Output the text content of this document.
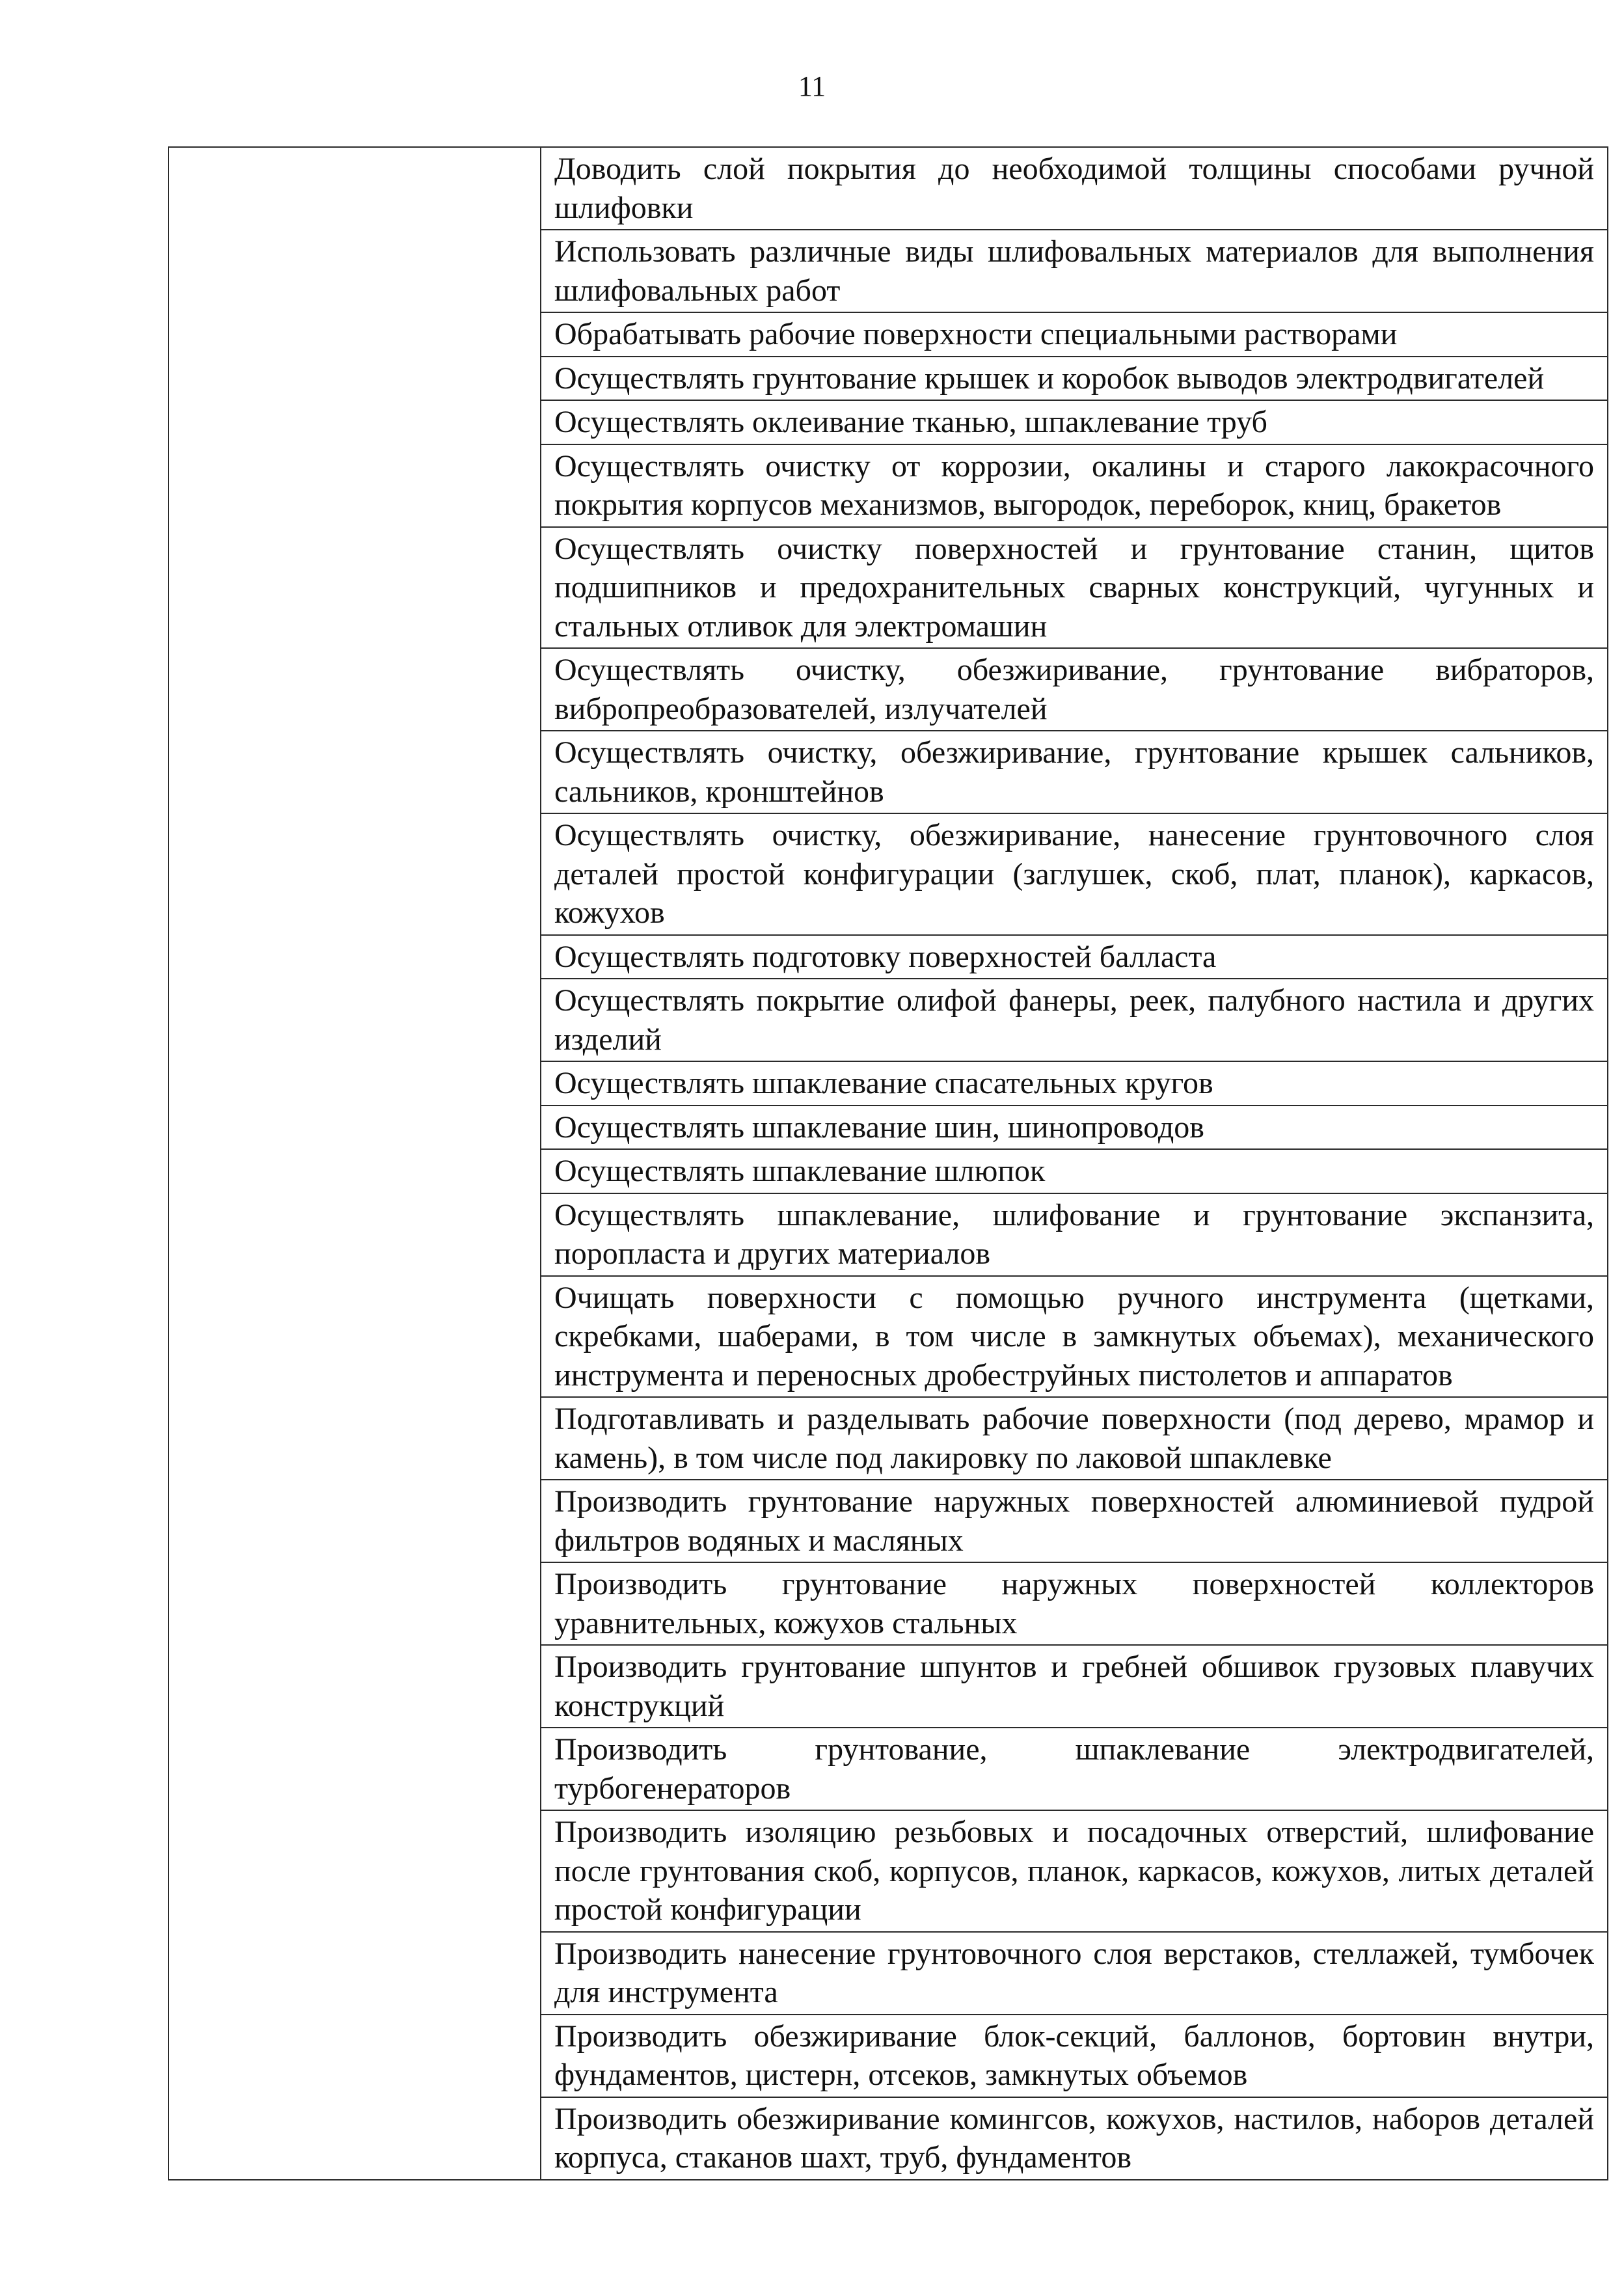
11

Доводить слой покрытия до необходимой толщины способами ручной шлифовки

Использовать различные виды шлифовальных материалов для выполнения шлифовальных работ

Обрабатывать рабочие поверхности специальными растворами

Осуществлять грунтование крышек и коробок выводов электродвигателей

Осуществлять оклеивание тканью, шпаклевание труб

Осуществлять очистку от коррозии, окалины и старого лакокрасочного покрытия корпусов механизмов, выгородок, переборок, книц, бракетов

Осуществлять очистку поверхностей и грунтование станин, щитов подшипников и предохранительных сварных конструкций, чугунных и стальных отливок для электромашин

Осуществлять очистку, обезжиривание, грунтование вибраторов, вибропреобразователей, излучателей

Осуществлять очистку, обезжиривание, грунтование крышек сальников, сальников, кронштейнов

Осуществлять очистку, обезжиривание, нанесение грунтовочного слоя деталей простой конфигурации (заглушек, скоб, плат, планок), каркасов, кожухов

Осуществлять подготовку поверхностей балласта

Осуществлять покрытие олифой фанеры, реек, палубного настила и других изделий

Осуществлять шпаклевание спасательных кругов

Осуществлять шпаклевание шин, шинопроводов

Осуществлять шпаклевание шлюпок

Осуществлять шпаклевание, шлифование и грунтование экспанзита, поропласта и других материалов

Очищать поверхности с помощью ручного инструмента (щетками, скребками, шаберами, в том числе в замкнутых объемах), механического инструмента и переносных дробеструйных пистолетов и аппаратов

Подготавливать и разделывать рабочие поверхности (под дерево, мрамор и камень), в том числе под лакировку по лаковой шпаклевке

Производить грунтование наружных поверхностей алюминиевой пудрой фильтров водяных и масляных

Производить грунтование наружных поверхностей коллекторов уравнительных, кожухов стальных

Производить грунтование шпунтов и гребней обшивок грузовых плавучих конструкций

Производить грунтование, шпаклевание электродвигателей, турбогенераторов

Производить изоляцию резьбовых и посадочных отверстий, шлифование после грунтования скоб, корпусов, планок, каркасов, кожухов, литых деталей простой конфигурации

Производить нанесение грунтовочного слоя верстаков, стеллажей, тумбочек для инструмента

Производить обезжиривание блок-секций, баллонов, бортовин внутри, фундаментов, цистерн, отсеков, замкнутых объемов

Производить обезжиривание комингсов, кожухов, настилов, наборов деталей корпуса, стаканов шахт, труб, фундаментов
